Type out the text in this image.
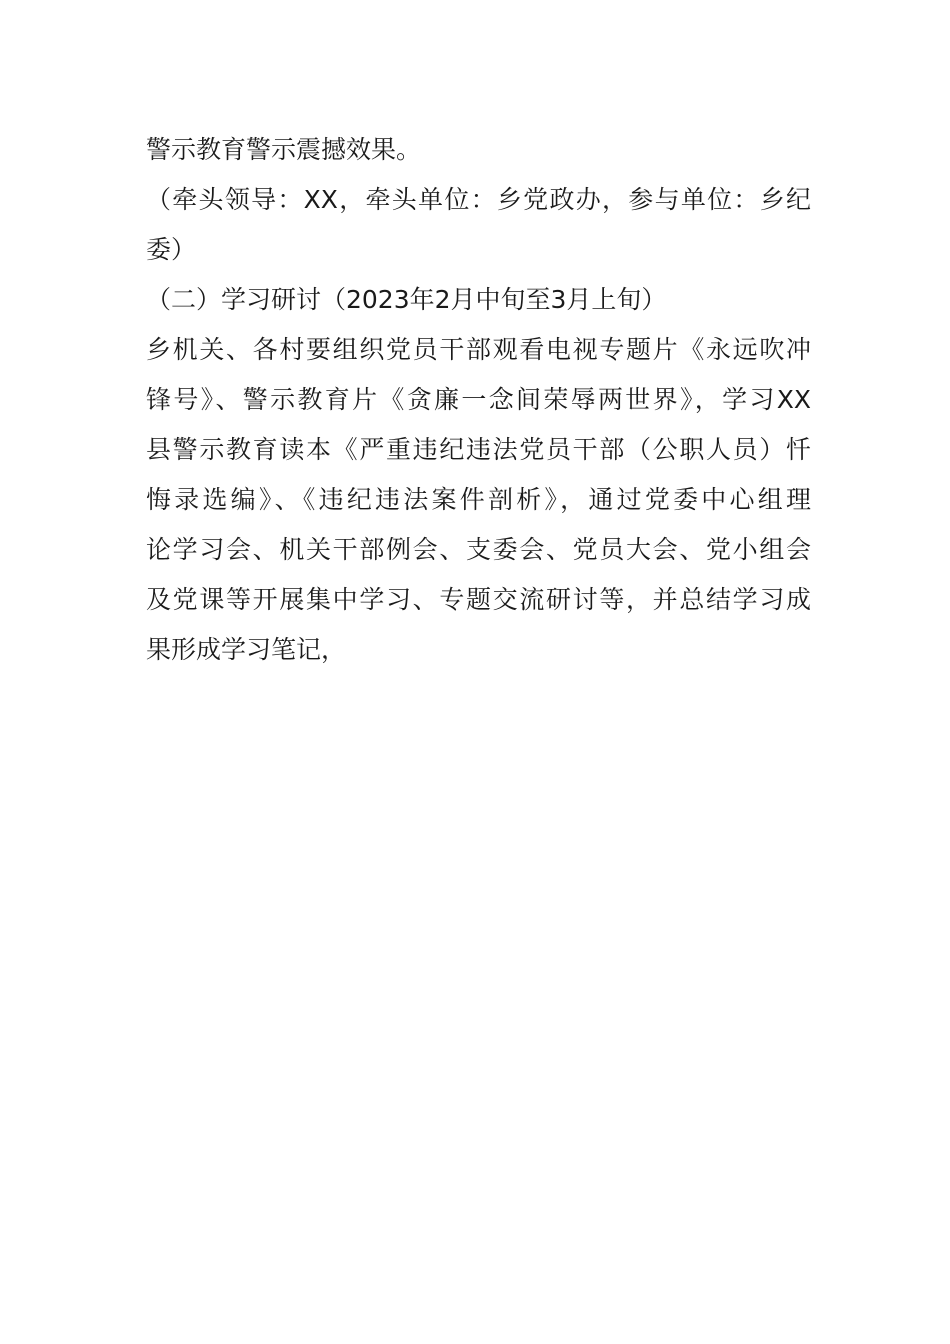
警示教育警示震撼效果。
（牵头领导：XX，牵头单位：乡党政办，参与单位：乡纪
委）
（二）学习研讨（2023年2月中旬至3月上旬）
乡机关、各村要组织党员干部观看电视专题片《永远吹冲
锋号》、警示教育片《贪廉一念间荣辱两世界》，学习XX
县警示教育读本《严重违纪违法党员干部（公职人员）忏
悔录选编》、《违纪违法案件剖析》，通过党委中心组理
论学习会、机关干部例会、支委会、党员大会、党小组会
及党课等开展集中学习、专题交流研讨等，并总结学习成
果形成学习笔记，
